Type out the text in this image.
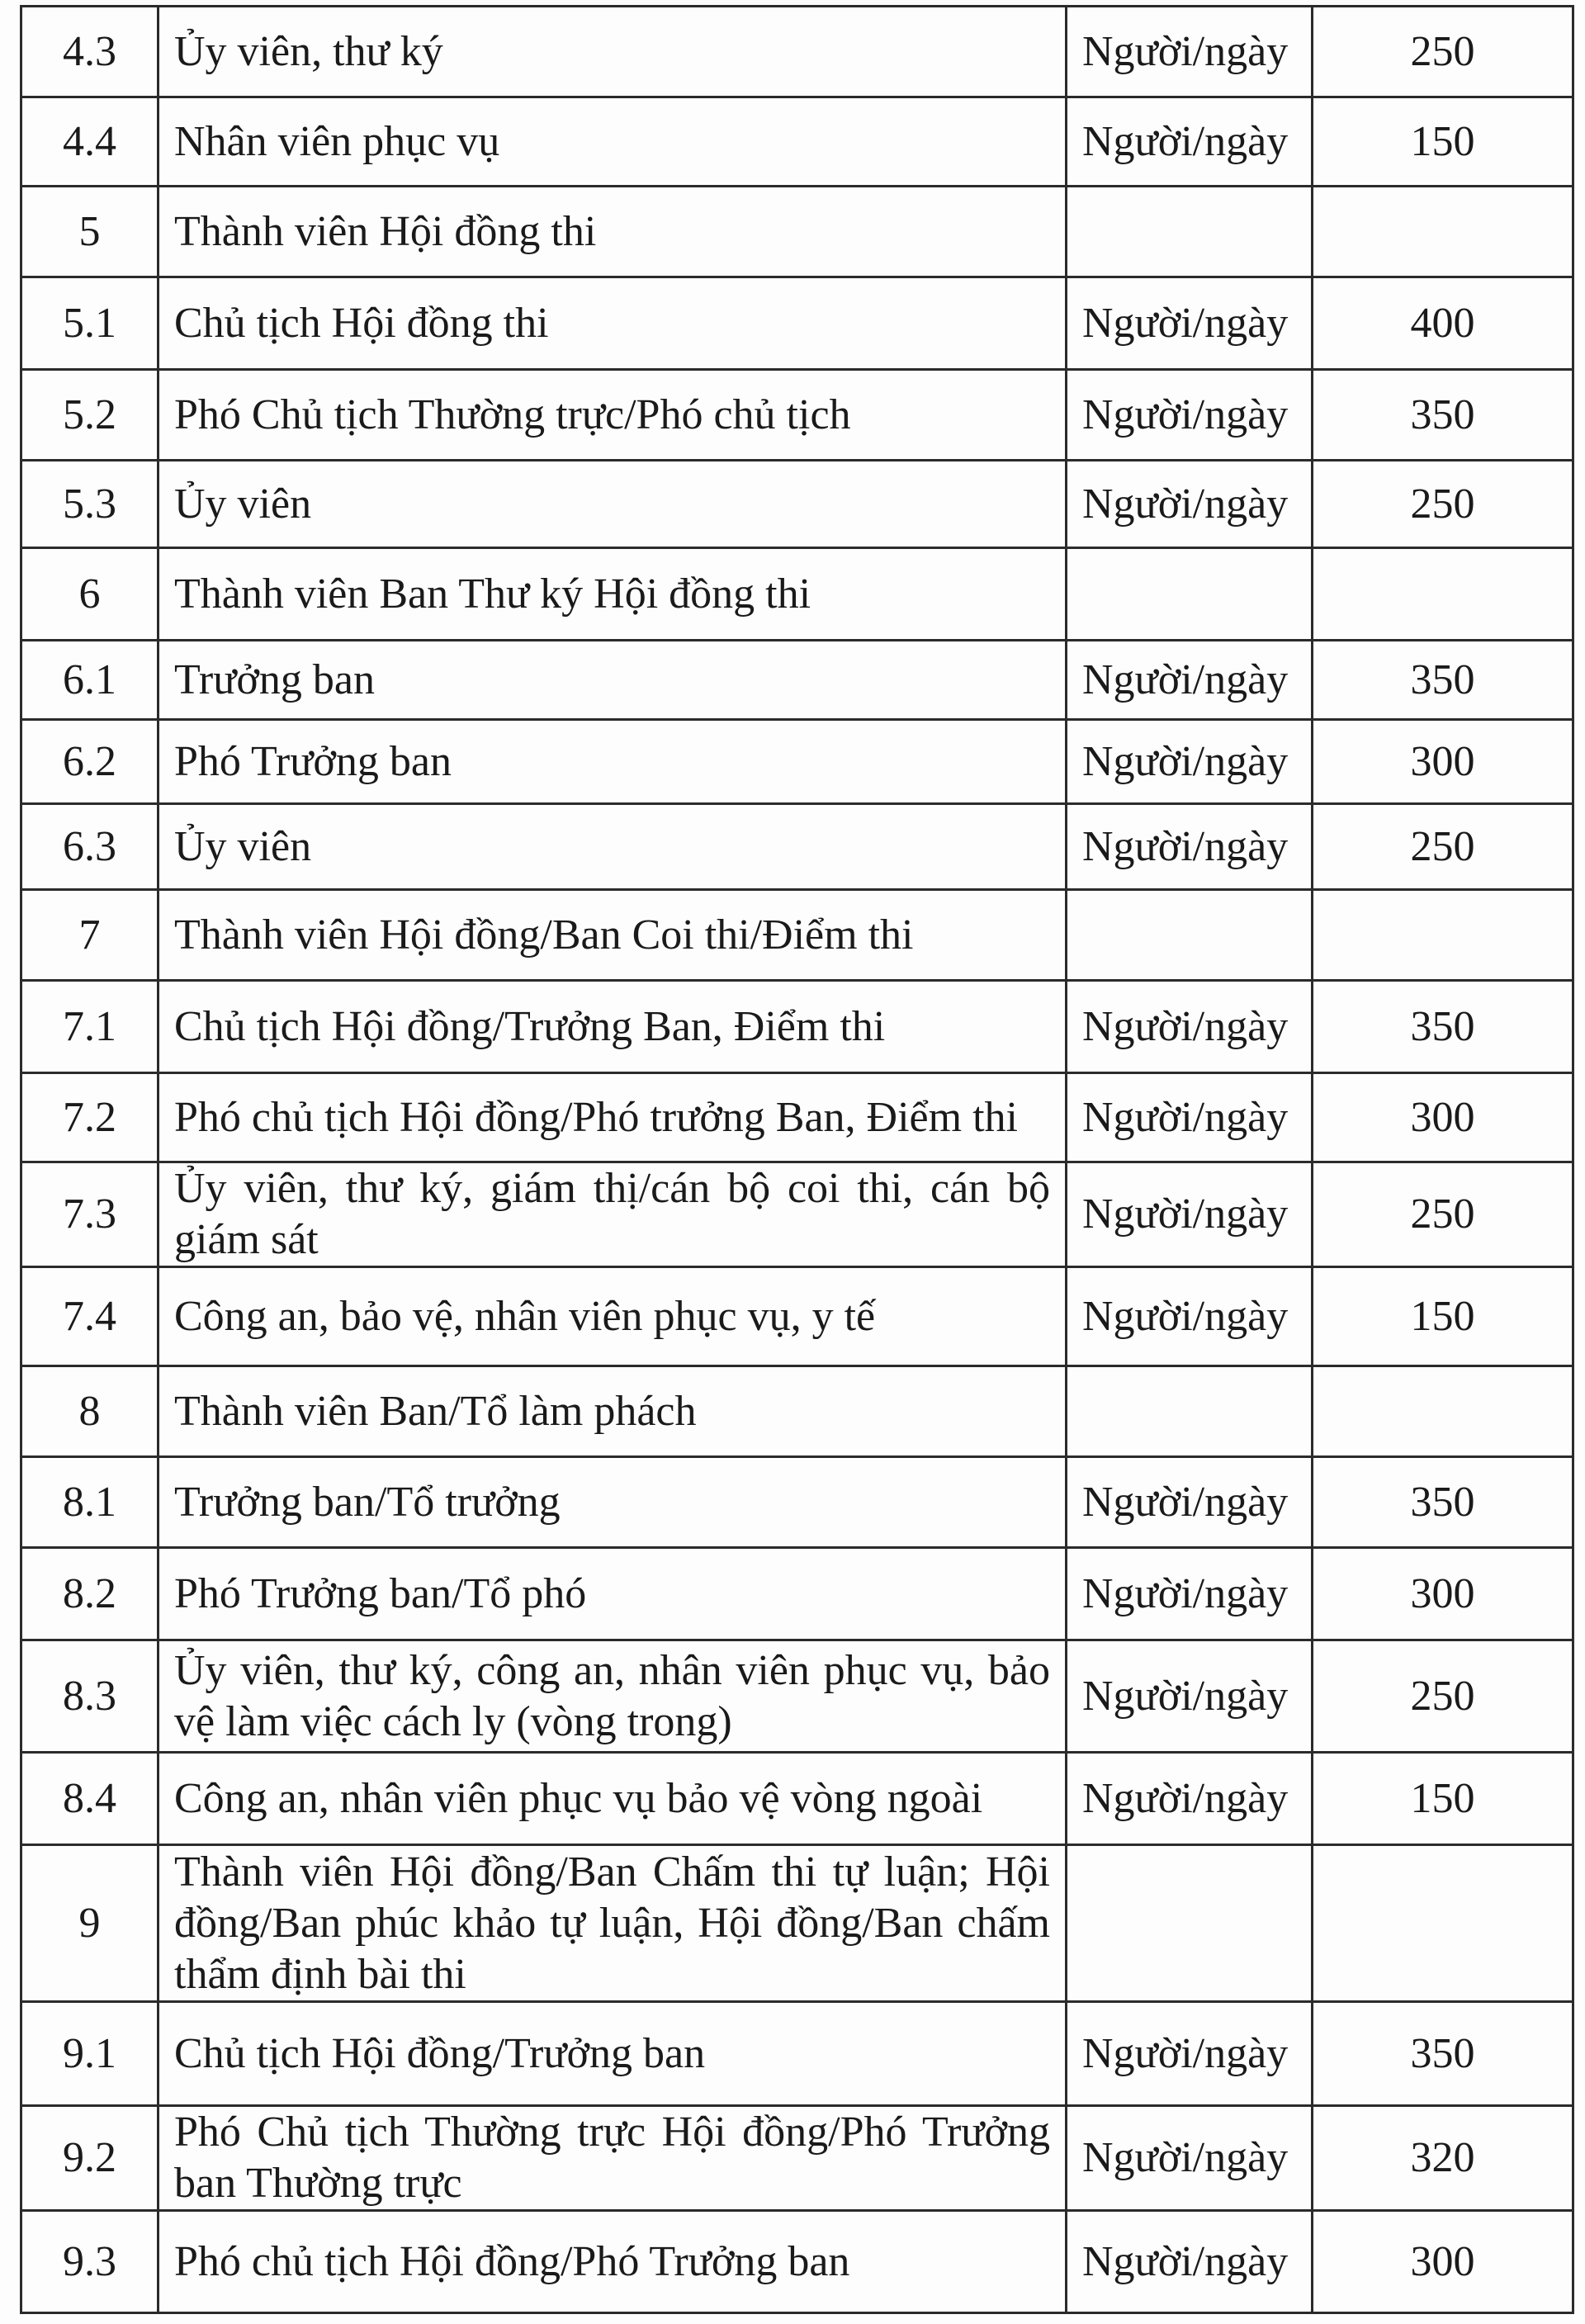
4.3	Ủy viên, thư ký	Người/ngày	250
4.4	Nhân viên phục vụ	Người/ngày	150
5	Thành viên Hội đồng thi		
5.1	Chủ tịch Hội đồng thi	Người/ngày	400
5.2	Phó Chủ tịch Thường trực/Phó chủ tịch	Người/ngày	350
5.3	Ủy viên	Người/ngày	250
6	Thành viên Ban Thư ký Hội đồng thi		
6.1	Trưởng ban	Người/ngày	350
6.2	Phó Trưởng ban	Người/ngày	300
6.3	Ủy viên	Người/ngày	250
7	Thành viên Hội đồng/Ban Coi thi/Điểm thi		
7.1	Chủ tịch Hội đồng/Trưởng Ban, Điểm thi	Người/ngày	350
7.2	Phó chủ tịch Hội đồng/Phó trưởng Ban, Điểm thi	Người/ngày	300
7.3	Ủy viên, thư ký, giám thị/cán bộ coi thi, cán bộ giám sát	Người/ngày	250
7.4	Công an, bảo vệ, nhân viên phục vụ, y tế	Người/ngày	150
8	Thành viên Ban/Tổ làm phách		
8.1	Trưởng ban/Tổ trưởng	Người/ngày	350
8.2	Phó Trưởng ban/Tổ phó	Người/ngày	300
8.3	Ủy viên, thư ký, công an, nhân viên phục vụ, bảo vệ làm việc cách ly (vòng trong)	Người/ngày	250
8.4	Công an, nhân viên phục vụ bảo vệ vòng ngoài	Người/ngày	150
9	Thành viên Hội đồng/Ban Chấm thi tự luận; Hội đồng/Ban phúc khảo tự luận, Hội đồng/Ban chấm thẩm định bài thi		
9.1	Chủ tịch Hội đồng/Trưởng ban	Người/ngày	350
9.2	Phó Chủ tịch Thường trực Hội đồng/Phó Trưởng ban Thường trực	Người/ngày	320
9.3	Phó chủ tịch Hội đồng/Phó Trưởng ban	Người/ngày	300
